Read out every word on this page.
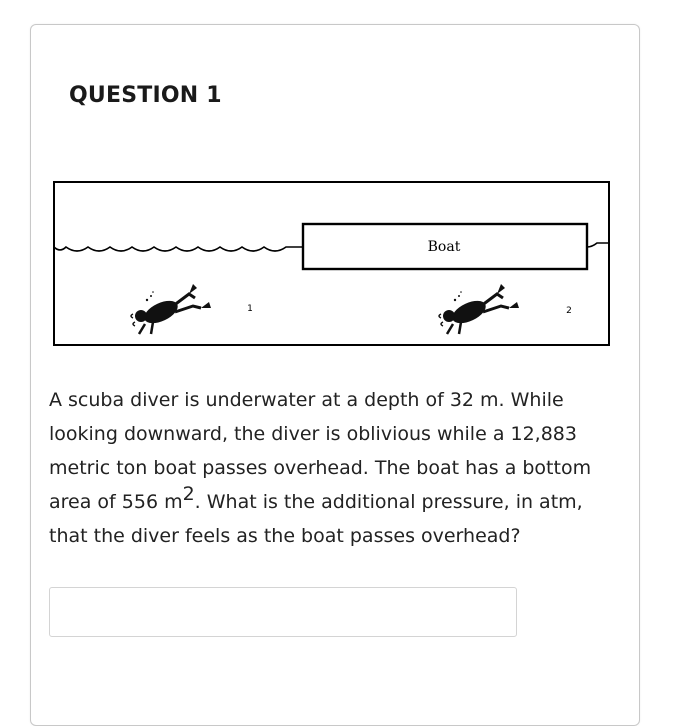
QUESTION 1
Boat
1	2
A scuba diver is underwater at a depth of 32 m. While looking downward, the diver is oblivious while a 12,883 metric ton boat passes overhead. The boat has a bottom area of 556 $m^2$. What is the additional pressure, in atm, that the diver feels as the boat passes overhead?
